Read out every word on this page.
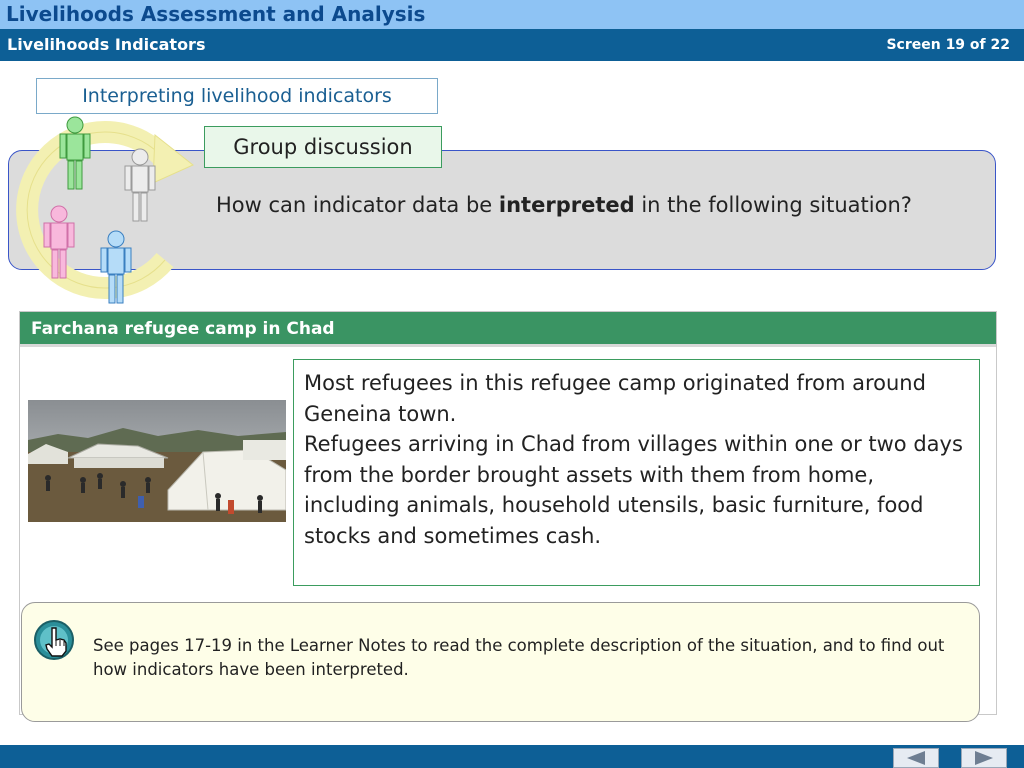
Livelihoods Assessment and Analysis
Livelihoods Indicators	Screen 19 of 22
Interpreting livelihood indicators
How can indicator data be interpreted in the following situation?
Group discussion
Farchana refugee camp in Chad

Most refugees in this refugee camp originated from around Geneina town.

Refugees arriving in Chad from villages within one or two days from the border brought assets with them from home, including animals, household utensils, basic furniture, food stocks and sometimes cash.

See pages 17-19 in the Learner Notes to read the complete description of the situation, and to find out how indicators have been interpreted.
